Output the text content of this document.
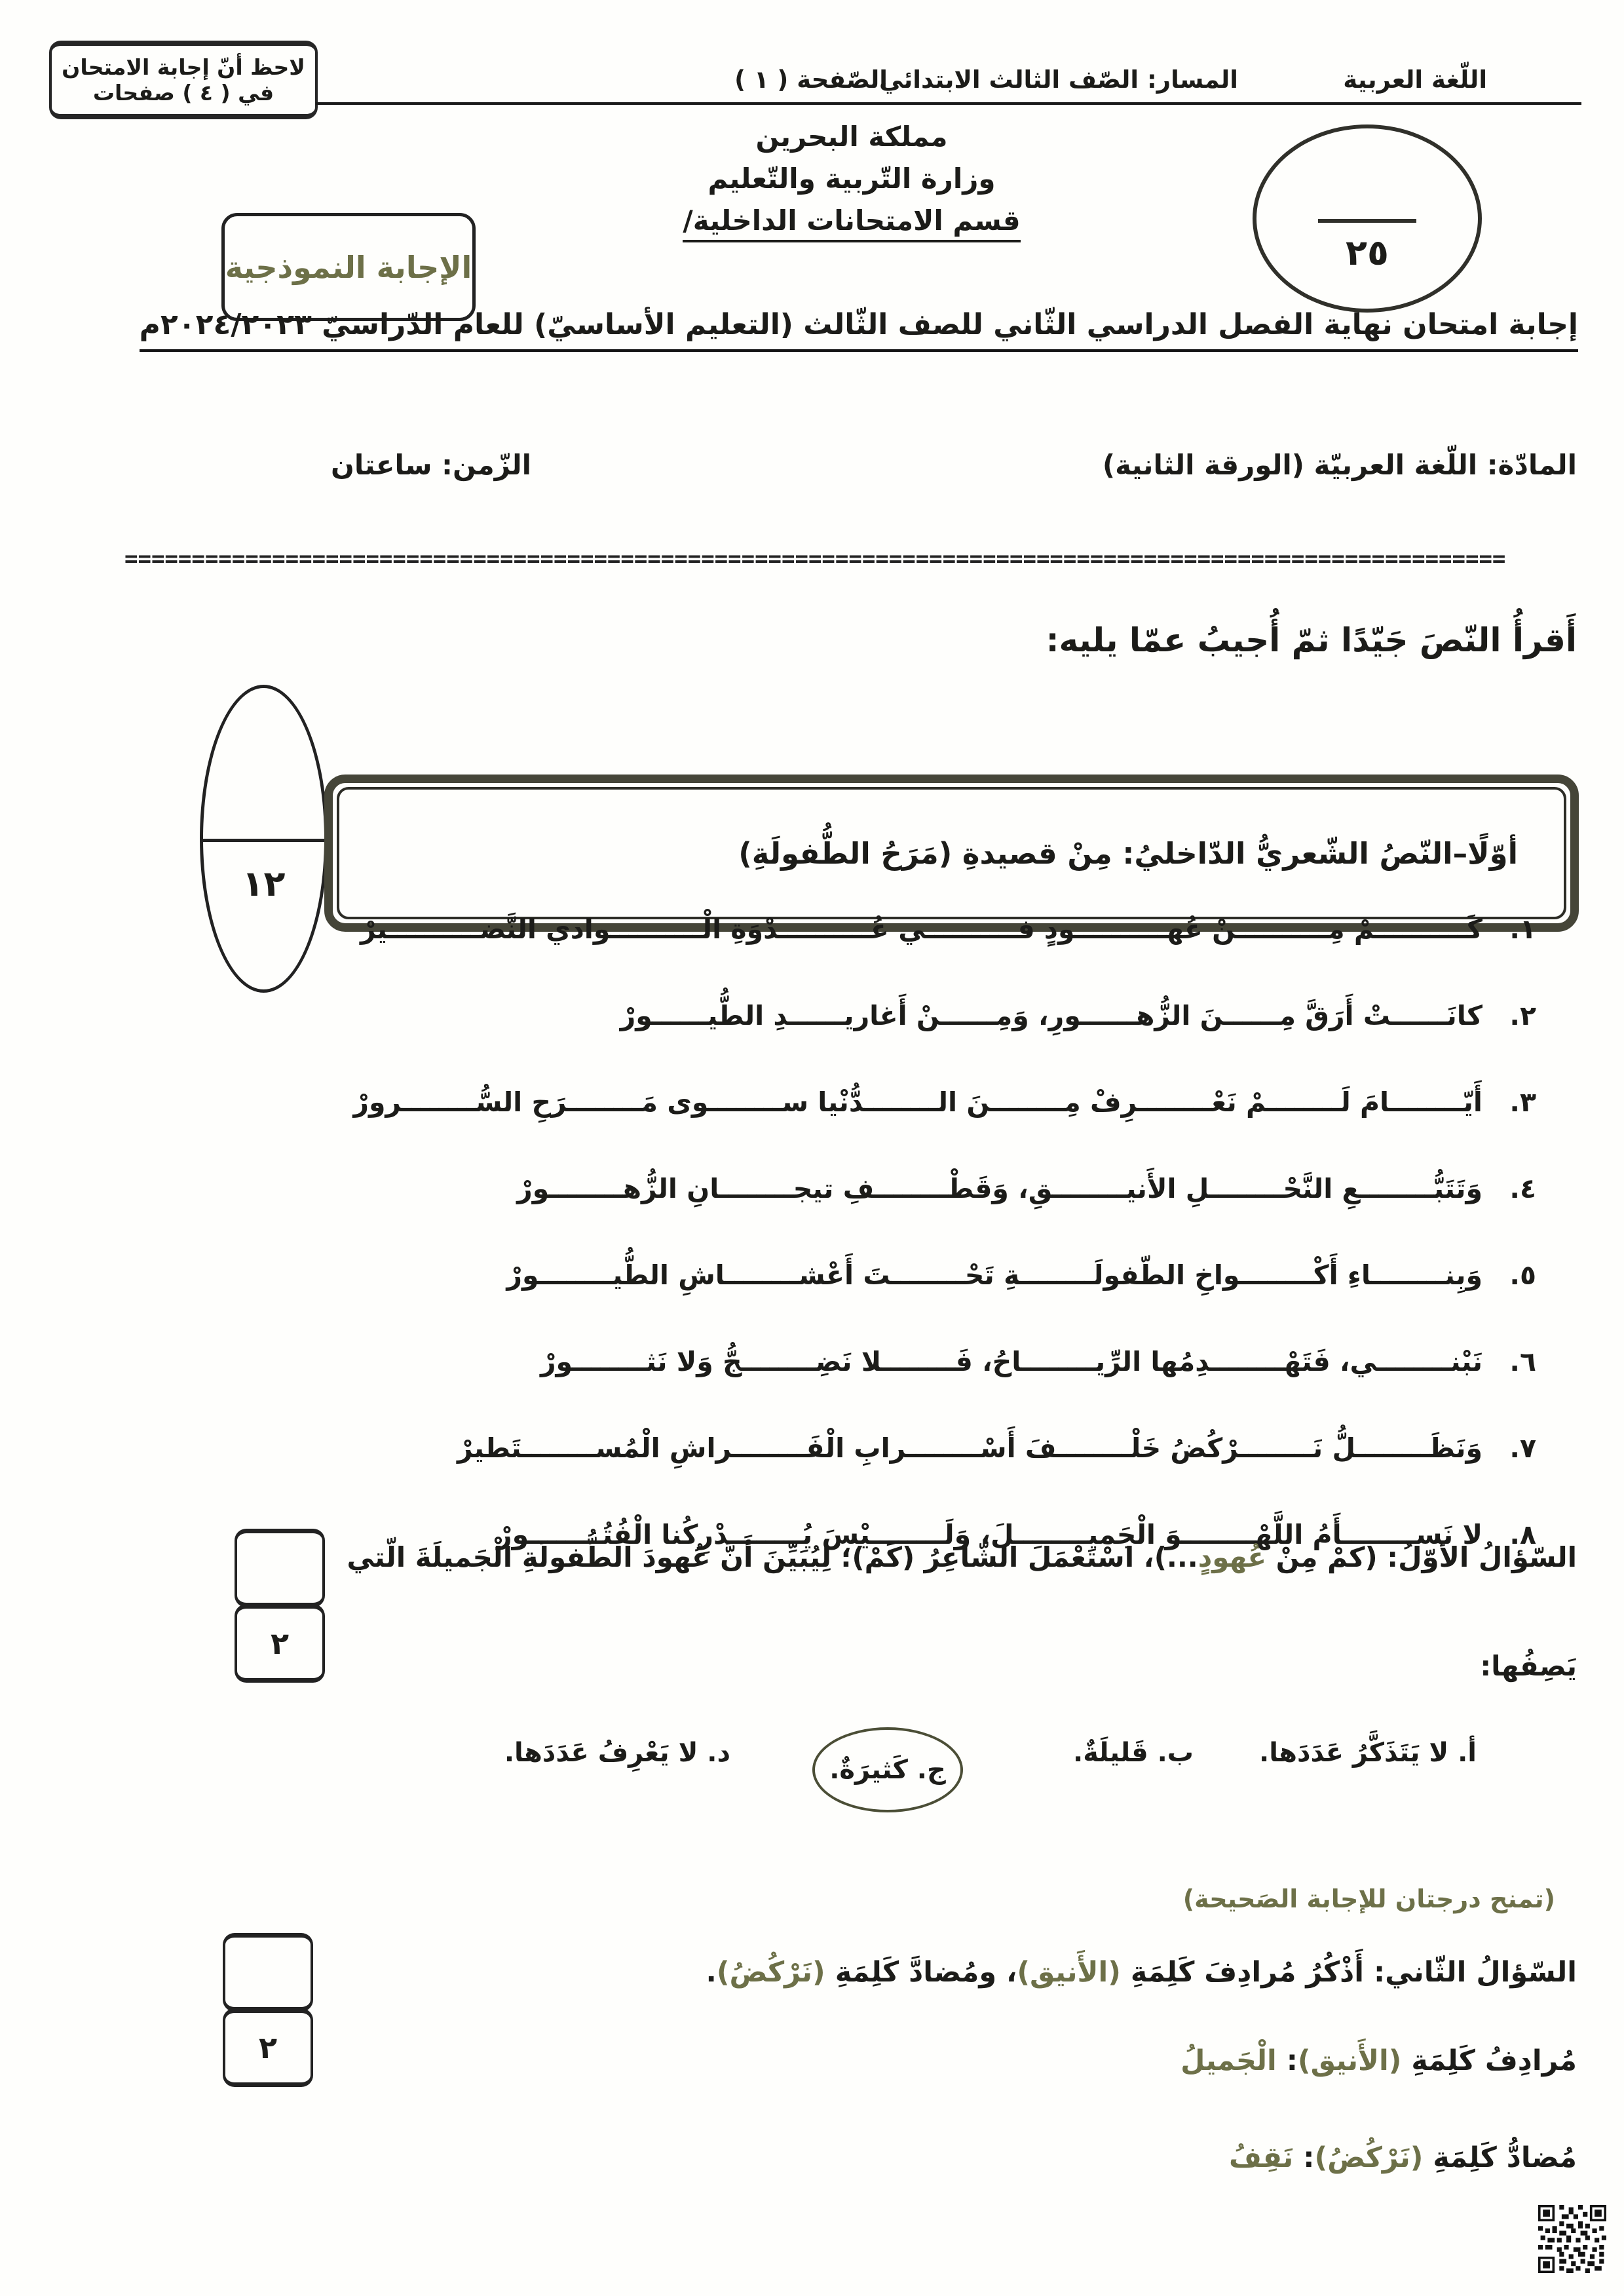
لاحظ أنّ إجابة الامتحان في ( ٤ ) صفحات	اللّغة العربية
المسار: الصّف الثالث الابتدائي
الصّفحة ( ١ )
مملكة البحرين
وزارة التّربية والتّعليم
قسم الامتحانات الداخلية/
٢٥
الإجابة النموذجية
إجابة امتحان نهاية الفصل الدراسي الثّاني للصف الثّالث (التعليم الأساسيّ) للعام الدّراسيّ ٢٠٢٤/٢٠٢٣م
المادّة: اللّغة العربيّة (الورقة الثانية)
الزّمن: ساعتان
=======================================================================================================
أَقرأُ النّصَ جَيّدًا ثمّ أُجيبُ عمّا يليه:
١٢
أوّلًا–النّصُ الشّعريُّ الدّاخليُ: مِنْ قصيدةِ (مَرَحُ الطُّفولَةِ)
١.
كَــــــــــمْ مِــــــــــنْ عُهــــــــــودٍ فــــــــــي عُــــــــــدْوَةِ الْــــــــــوادي النَّضــــــــــيرْ
٢.
كانَــــــتْ أَرَقَّ مِــــــنَ الزُّهــــــورِ، وَمِــــــنْ أَغاريــــــدِ الطُّيــــــورْ
٣.
أَيّــــــــامَ لَــــــــمْ نَعْــــــــرِفْ مِــــــــنَ الــــــــدُّنْيا ســــــــوى مَــــــــرَحِ السُّــــــــرورْ
٤.
وَتَتَبُّــــــــعِ النَّحْــــــــلِ الأَنيــــــــقِ، وَقَطْــــــــفِ تيجــــــــانِ الزُّهــــــــورْ
٥.
وَبِنــــــــاءِ أَكْــــــــواخِ الطّفولَــــــــةِ تَحْــــــــتَ أَعْشــــــــاشِ الطُّيــــــــورْ
٦.
نَبْنــــــــي، فَتَهْــــــــدِمُها الرِّيــــــــاحُ، فَــــــــلا نَضِــــــــجُّ وَلا نَثــــــــورْ
٧.
وَنَظَــــــــلُّ نَــــــــرْكُضُ خَلْــــــــفَ أَسْــــــــرابِ الْفَــــــــراشِ الْمُســــــــتَطيرْ
٨.
لا نَســــــــأَمُ اللَّهْــــــــوَ الْجَميــــــــلَ، وَلَــــــــيْسَ يُــــــــدْرِكُنا الْفُتُــــــــورْ
٢
السّؤالُ الأوّلُ: (كمْ مِنْ عُهودٍ...)، اسْتَعْمَلَ الشّاعِرُ (كَمْ)؛ لِيُبَيِّنَ أَنَّ عُهودَ الطُّفولَةِ الْجَميلَةَ الّتي
يَصِفُها:
أ. لا يَتَذَكَّرُ عَدَدَها.
ب. قَليلَةٌ.
ج. كَثيرَةٌ.
د. لا يَعْرِفُ عَدَدَها.
(تمنح درجتان للإجابة الصَحيحة)
٢
السّؤالُ الثّاني: أَذْكُرُ مُرادِفَ كَلِمَةِ (الأَنيق)، ومُضادَّ كَلِمَةِ (نَرْكُضُ).
مُرادِفُ كَلِمَةِ (الأَنيق): الْجَميلُ
مُضادُّ كَلِمَةِ (نَرْكُضُ): نَقِفُ
